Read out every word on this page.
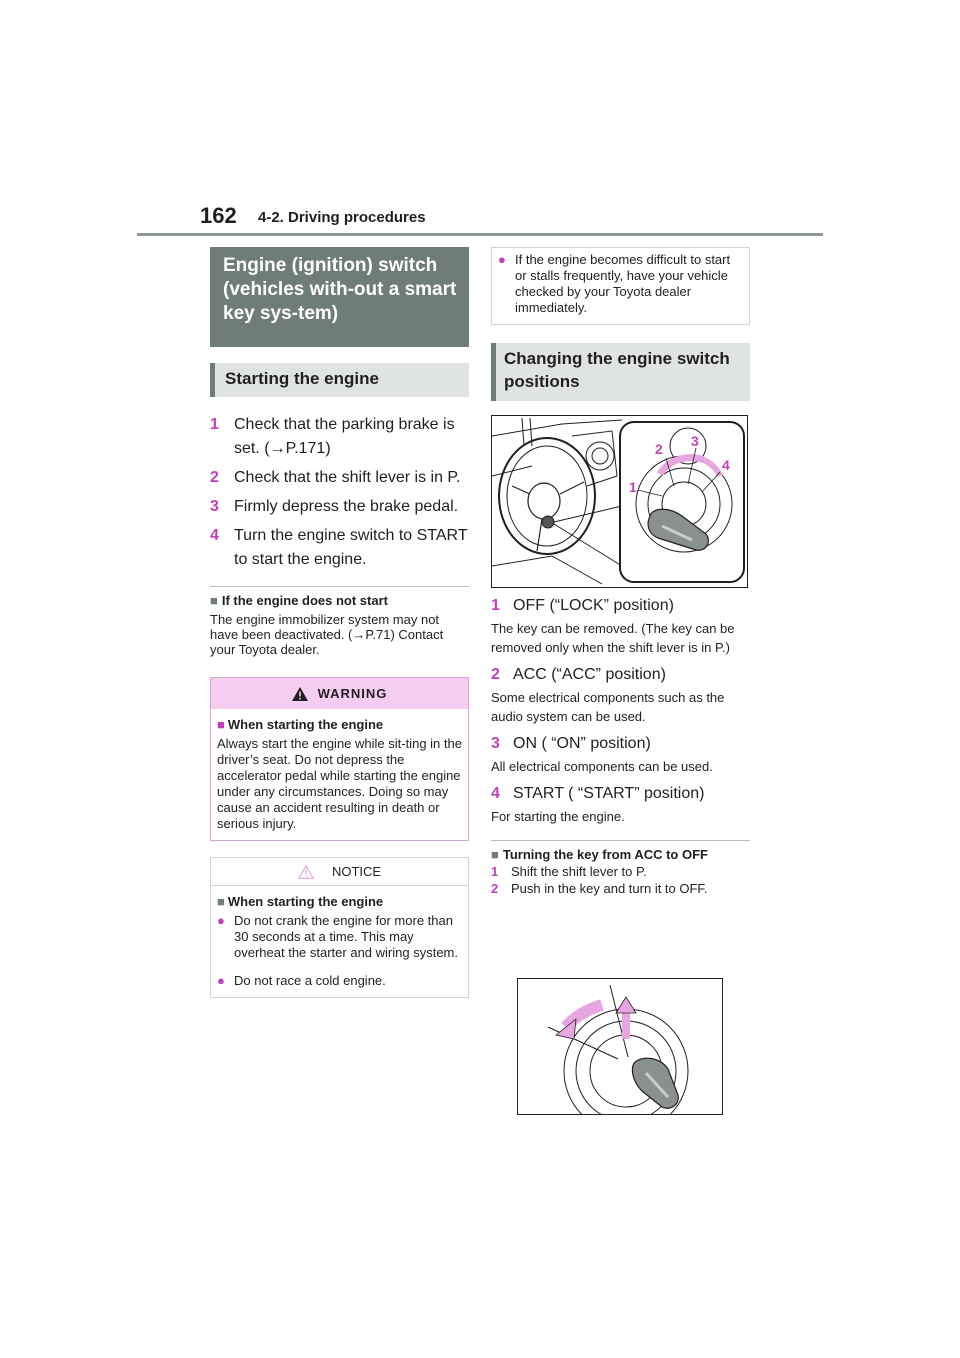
162 4-2. Driving procedures
Engine (ignition) switch (vehicles with-out a smart key sys-tem)
Starting the engine
1 Check that the parking brake is set. (→P.171)
2 Check that the shift lever is in P.
3 Firmly depress the brake pedal.
4 Turn the engine switch to START to start the engine.
■ If the engine does not start
The engine immobilizer system may not have been deactivated. (→P.71) Contact your Toyota dealer.
WARNING
■ When starting the engine
Always start the engine while sit-ting in the driver’s seat. Do not depress the accelerator pedal while starting the engine under any circumstances. Doing so may cause an accident resulting in death or serious injury.
NOTICE
■ When starting the engine
● Do not crank the engine for more than 30 seconds at a time. This may overheat the starter and wiring system.
● Do not race a cold engine.
● If the engine becomes difficult to start or stalls frequently, have your vehicle checked by your Toyota dealer immediately.
Changing the engine switch positions
1
2 3
4
1 OFF (“LOCK” position)
The key can be removed. (The key can be removed only when the shift lever is in P.)
2 ACC (“ACC” position)
Some electrical components such as the audio system can be used.
3 ON ( “ON” position)
All electrical components can be used.
4 START ( “START” position)
For starting the engine.
■ Turning the key from ACC to OFF
1 Shift the shift lever to P.
2 Push in the key and turn it to OFF.
